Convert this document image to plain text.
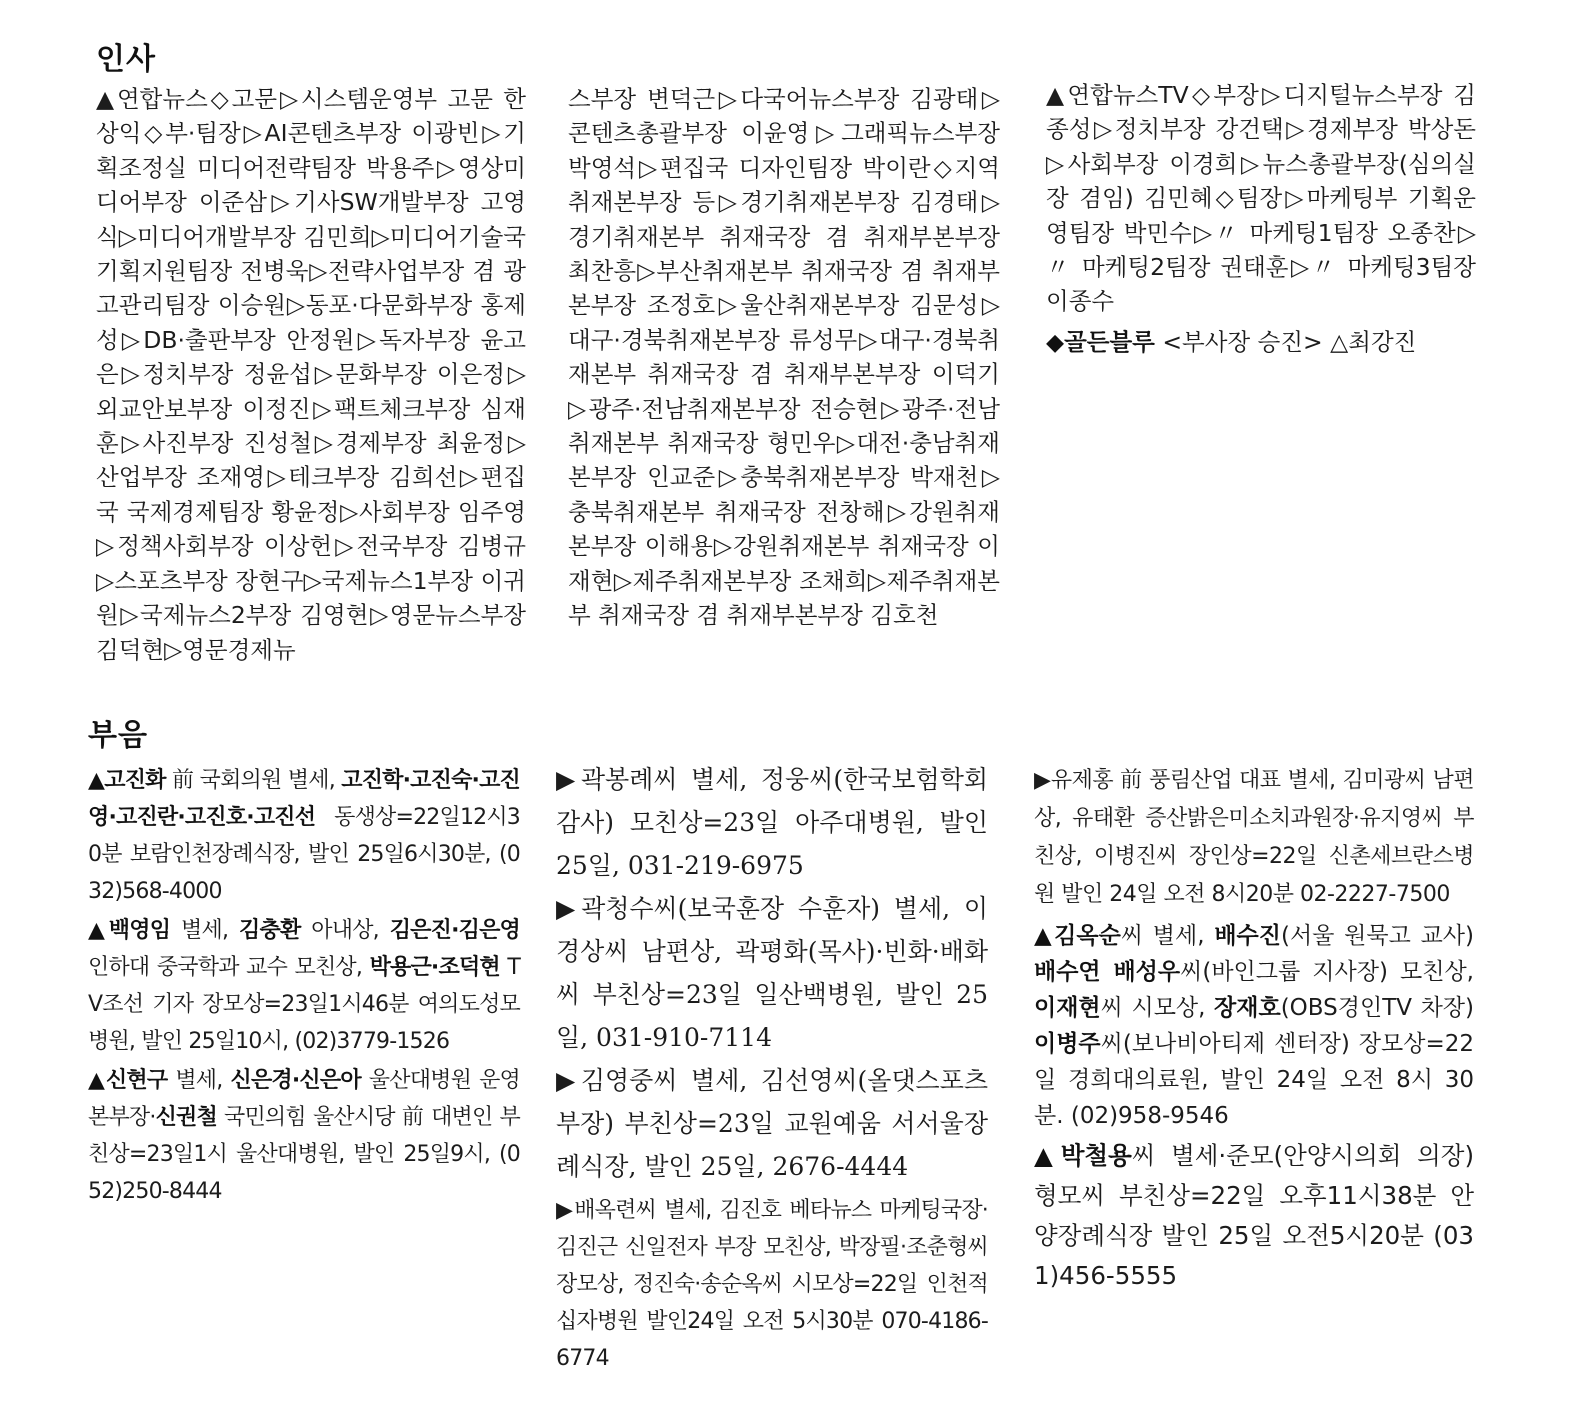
인사

▲연합뉴스◇고문▷시스템운영부 고문 한상익◇부·팀장▷AI콘텐츠부장 이광빈▷기획조정실 미디어전략팀장 박용주▷영상미디어부장 이준삼▷기사SW개발부장 고영식▷미디어개발부장 김민희▷미디어기술국 기획지원팀장 전병욱▷전략사업부장 겸 광고관리팀장 이승원▷동포·다문화부장 홍제성▷DB·출판부장 안정원▷독자부장 윤고은▷정치부장 정윤섭▷문화부장 이은정▷외교안보부장 이정진▷팩트체크부장 심재훈▷사진부장 진성철▷경제부장 최윤정▷산업부장 조재영▷테크부장 김희선▷편집국 국제경제팀장 황윤정▷사회부장 임주영▷정책사회부장 이상헌▷전국부장 김병규▷스포츠부장 장현구▷국제뉴스1부장 이귀원▷국제뉴스2부장 김영현▷영문뉴스부장 김덕현▷영문경제뉴

스부장 변덕근▷다국어뉴스부장 김광태▷콘텐츠총괄부장 이윤영▷그래픽뉴스부장 박영석▷편집국 디자인팀장 박이란◇지역 취재본부장 등▷경기취재본부장 김경태▷경기취재본부 취재국장 겸 취재부본부장 최찬흥▷부산취재본부 취재국장 겸 취재부본부장 조정호▷울산취재본부장 김문성▷대구·경북취재본부장 류성무▷대구·경북취재본부 취재국장 겸 취재부본부장 이덕기▷광주·전남취재본부장 전승현▷광주·전남취재본부 취재국장 형민우▷대전·충남취재본부장 인교준▷충북취재본부장 박재천▷충북취재본부 취재국장 전창해▷강원취재본부장 이해용▷강원취재본부 취재국장 이재현▷제주취재본부장 조채희▷제주취재본부 취재국장 겸 취재부본부장 김호천

▲연합뉴스TV◇부장▷디지털뉴스부장 김종성▷정치부장 강건택▷경제부장 박상돈▷사회부장 이경희▷뉴스총괄부장(심의실장 겸임) 김민혜◇팀장▷마케팅부 기획운영팀장 박민수▷〃 마케팅1팀장 오종찬▷〃 마케팅2팀장 권태훈▷〃 마케팅3팀장 이종수

◆골든블루 <부사장 승진> △최강진

부음

▲고진화 前 국회의원 별세, 고진학·고진숙·고진영·고진란·고진호·고진선 동생상=22일12시30분 보람인천장례식장, 발인 25일6시30분, (032)568-4000

▲백영임 별세, 김충환 아내상, 김은진·김은영 인하대 중국학과 교수 모친상, 박용근·조덕현 TV조선 기자 장모상=23일1시46분 여의도성모병원, 발인 25일10시, (02)3779-1526

▲신현구 별세, 신은경·신은아 울산대병원 운영본부장·신권철 국민의힘 울산시당 前 대변인 부친상=23일1시 울산대병원, 발인 25일9시, (052)250-8444

▶곽봉례씨 별세, 정웅씨(한국보험학회 감사) 모친상=23일 아주대병원, 발인 25일, 031-219-6975

▶곽청수씨(보국훈장 수훈자) 별세, 이경상씨 남편상, 곽평화(목사)·빈화·배화씨 부친상=23일 일산백병원, 발인 25일, 031-910-7114

▶김영중씨 별세, 김선영씨(올댓스포츠 부장) 부친상=23일 교원예움 서서울장례식장, 발인 25일, 2676-4444

▶배옥련씨 별세, 김진호 베타뉴스 마케팅국장·김진근 신일전자 부장 모친상, 박장필·조춘형씨 장모상, 정진숙·송순옥씨 시모상=22일 인천적십자병원 발인24일 오전 5시30분 070-4186-6774

▶유제홍 前 풍림산업 대표 별세, 김미광씨 남편상, 유태환 증산밝은미소치과원장·유지영씨 부친상, 이병진씨 장인상=22일 신촌세브란스병원 발인 24일 오전 8시20분 02-2227-7500

▲김옥순씨 별세, 배수진(서울 원묵고 교사) 배수연 배성우씨(바인그룹 지사장) 모친상, 이재현씨 시모상, 장재호(OBS경인TV 차장) 이병주씨(보나비아티제 센터장) 장모상=22일 경희대의료원, 발인 24일 오전 8시 30분. (02)958-9546

▲박철용씨 별세·준모(안양시의회 의장) 형모씨 부친상=22일 오후11시38분 안양장례식장 발인 25일 오전5시20분 (031)456-5555
